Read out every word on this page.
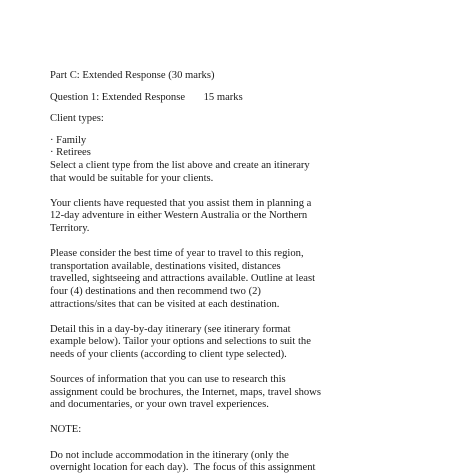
Part C: Extended Response (30 marks)
Question 1: Extended Response       15 marks
Client types:
· Family
· Retirees
Select a client type from the list above and create an itinerary
that would be suitable for your clients.
Your clients have requested that you assist them in planning a
12-day adventure in either Western Australia or the Northern
Territory.
Please consider the best time of year to travel to this region,
transportation available, destinations visited, distances
travelled, sightseeing and attractions available. Outline at least
four (4) destinations and then recommend two (2)
attractions/sites that can be visited at each destination.
Detail this in a day-by-day itinerary (see itinerary format
example below). Tailor your options and selections to suit the
needs of your clients (according to client type selected).
Sources of information that you can use to research this
assignment could be brochures, the Internet, maps, travel shows
and documentaries, or your own travel experiences.
NOTE:
Do not include accommodation in the itinerary (only the
overnight location for each day).  The focus of this assignment
